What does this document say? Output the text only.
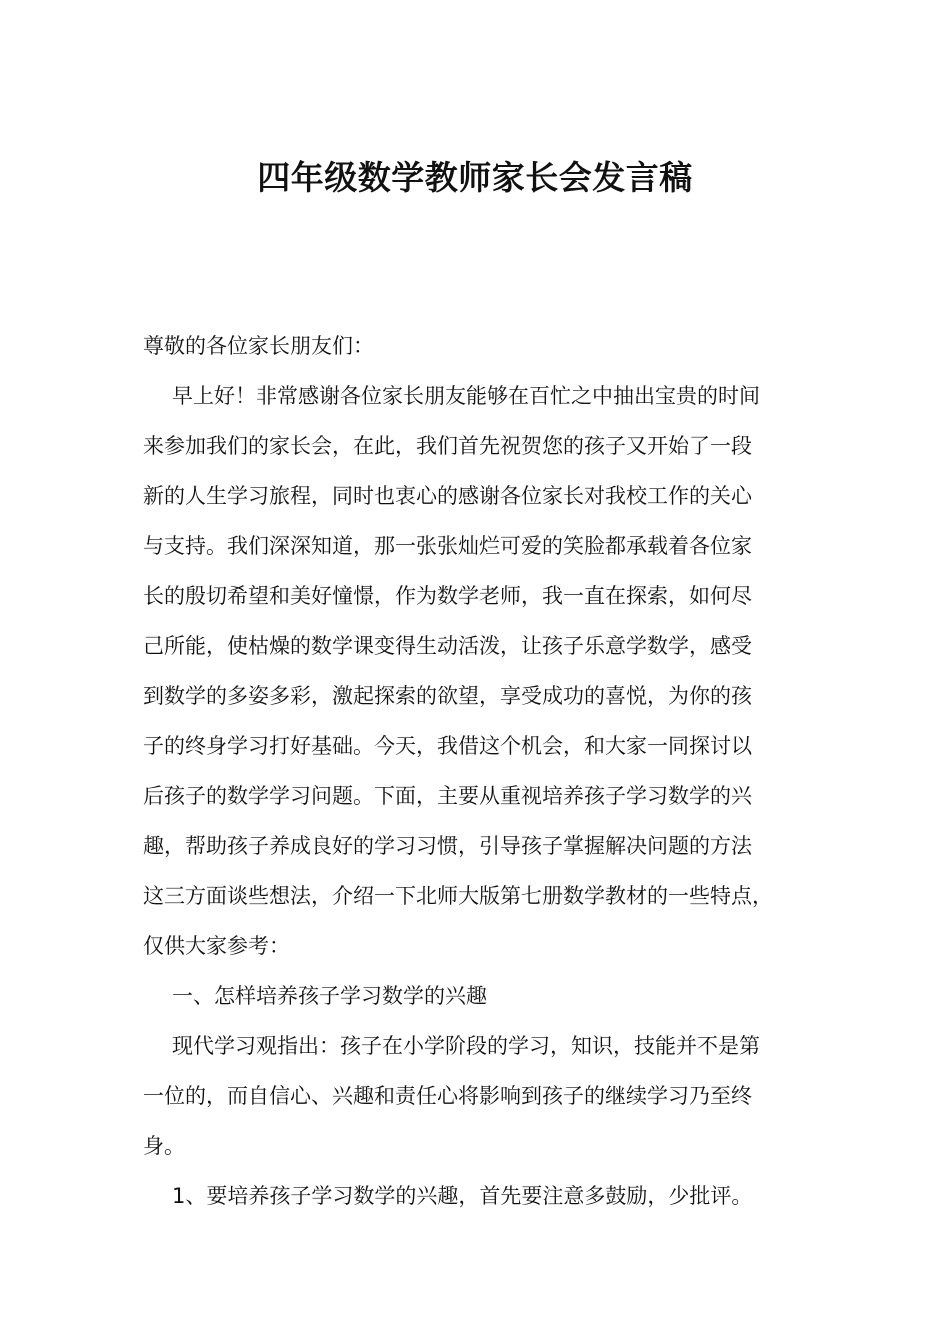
四年级数学教师家长会发言稿
尊敬的各位家长朋友们：
早上好！非常感谢各位家长朋友能够在百忙之中抽出宝贵的时间
来参加我们的家长会，在此，我们首先祝贺您的孩子又开始了一段
新的人生学习旅程，同时也衷心的感谢各位家长对我校工作的关心
与支持。我们深深知道，那一张张灿烂可爱的笑脸都承载着各位家
长的殷切希望和美好憧憬，作为数学老师，我一直在探索，如何尽
己所能，使枯燥的数学课变得生动活泼，让孩子乐意学数学，感受
到数学的多姿多彩，激起探索的欲望，享受成功的喜悦，为你的孩
子的终身学习打好基础。今天，我借这个机会，和大家一同探讨以
后孩子的数学学习问题。下面，主要从重视培养孩子学习数学的兴
趣，帮助孩子养成良好的学习习惯，引导孩子掌握解决问题的方法
这三方面谈些想法，介绍一下北师大版第七册数学教材的一些特点，
仅供大家参考：
一、怎样培养孩子学习数学的兴趣
现代学习观指出：孩子在小学阶段的学习，知识，技能并不是第
一位的，而自信心、兴趣和责任心将影响到孩子的继续学习乃至终
身。
1、要培养孩子学习数学的兴趣，首先要注意多鼓励，少批评。
